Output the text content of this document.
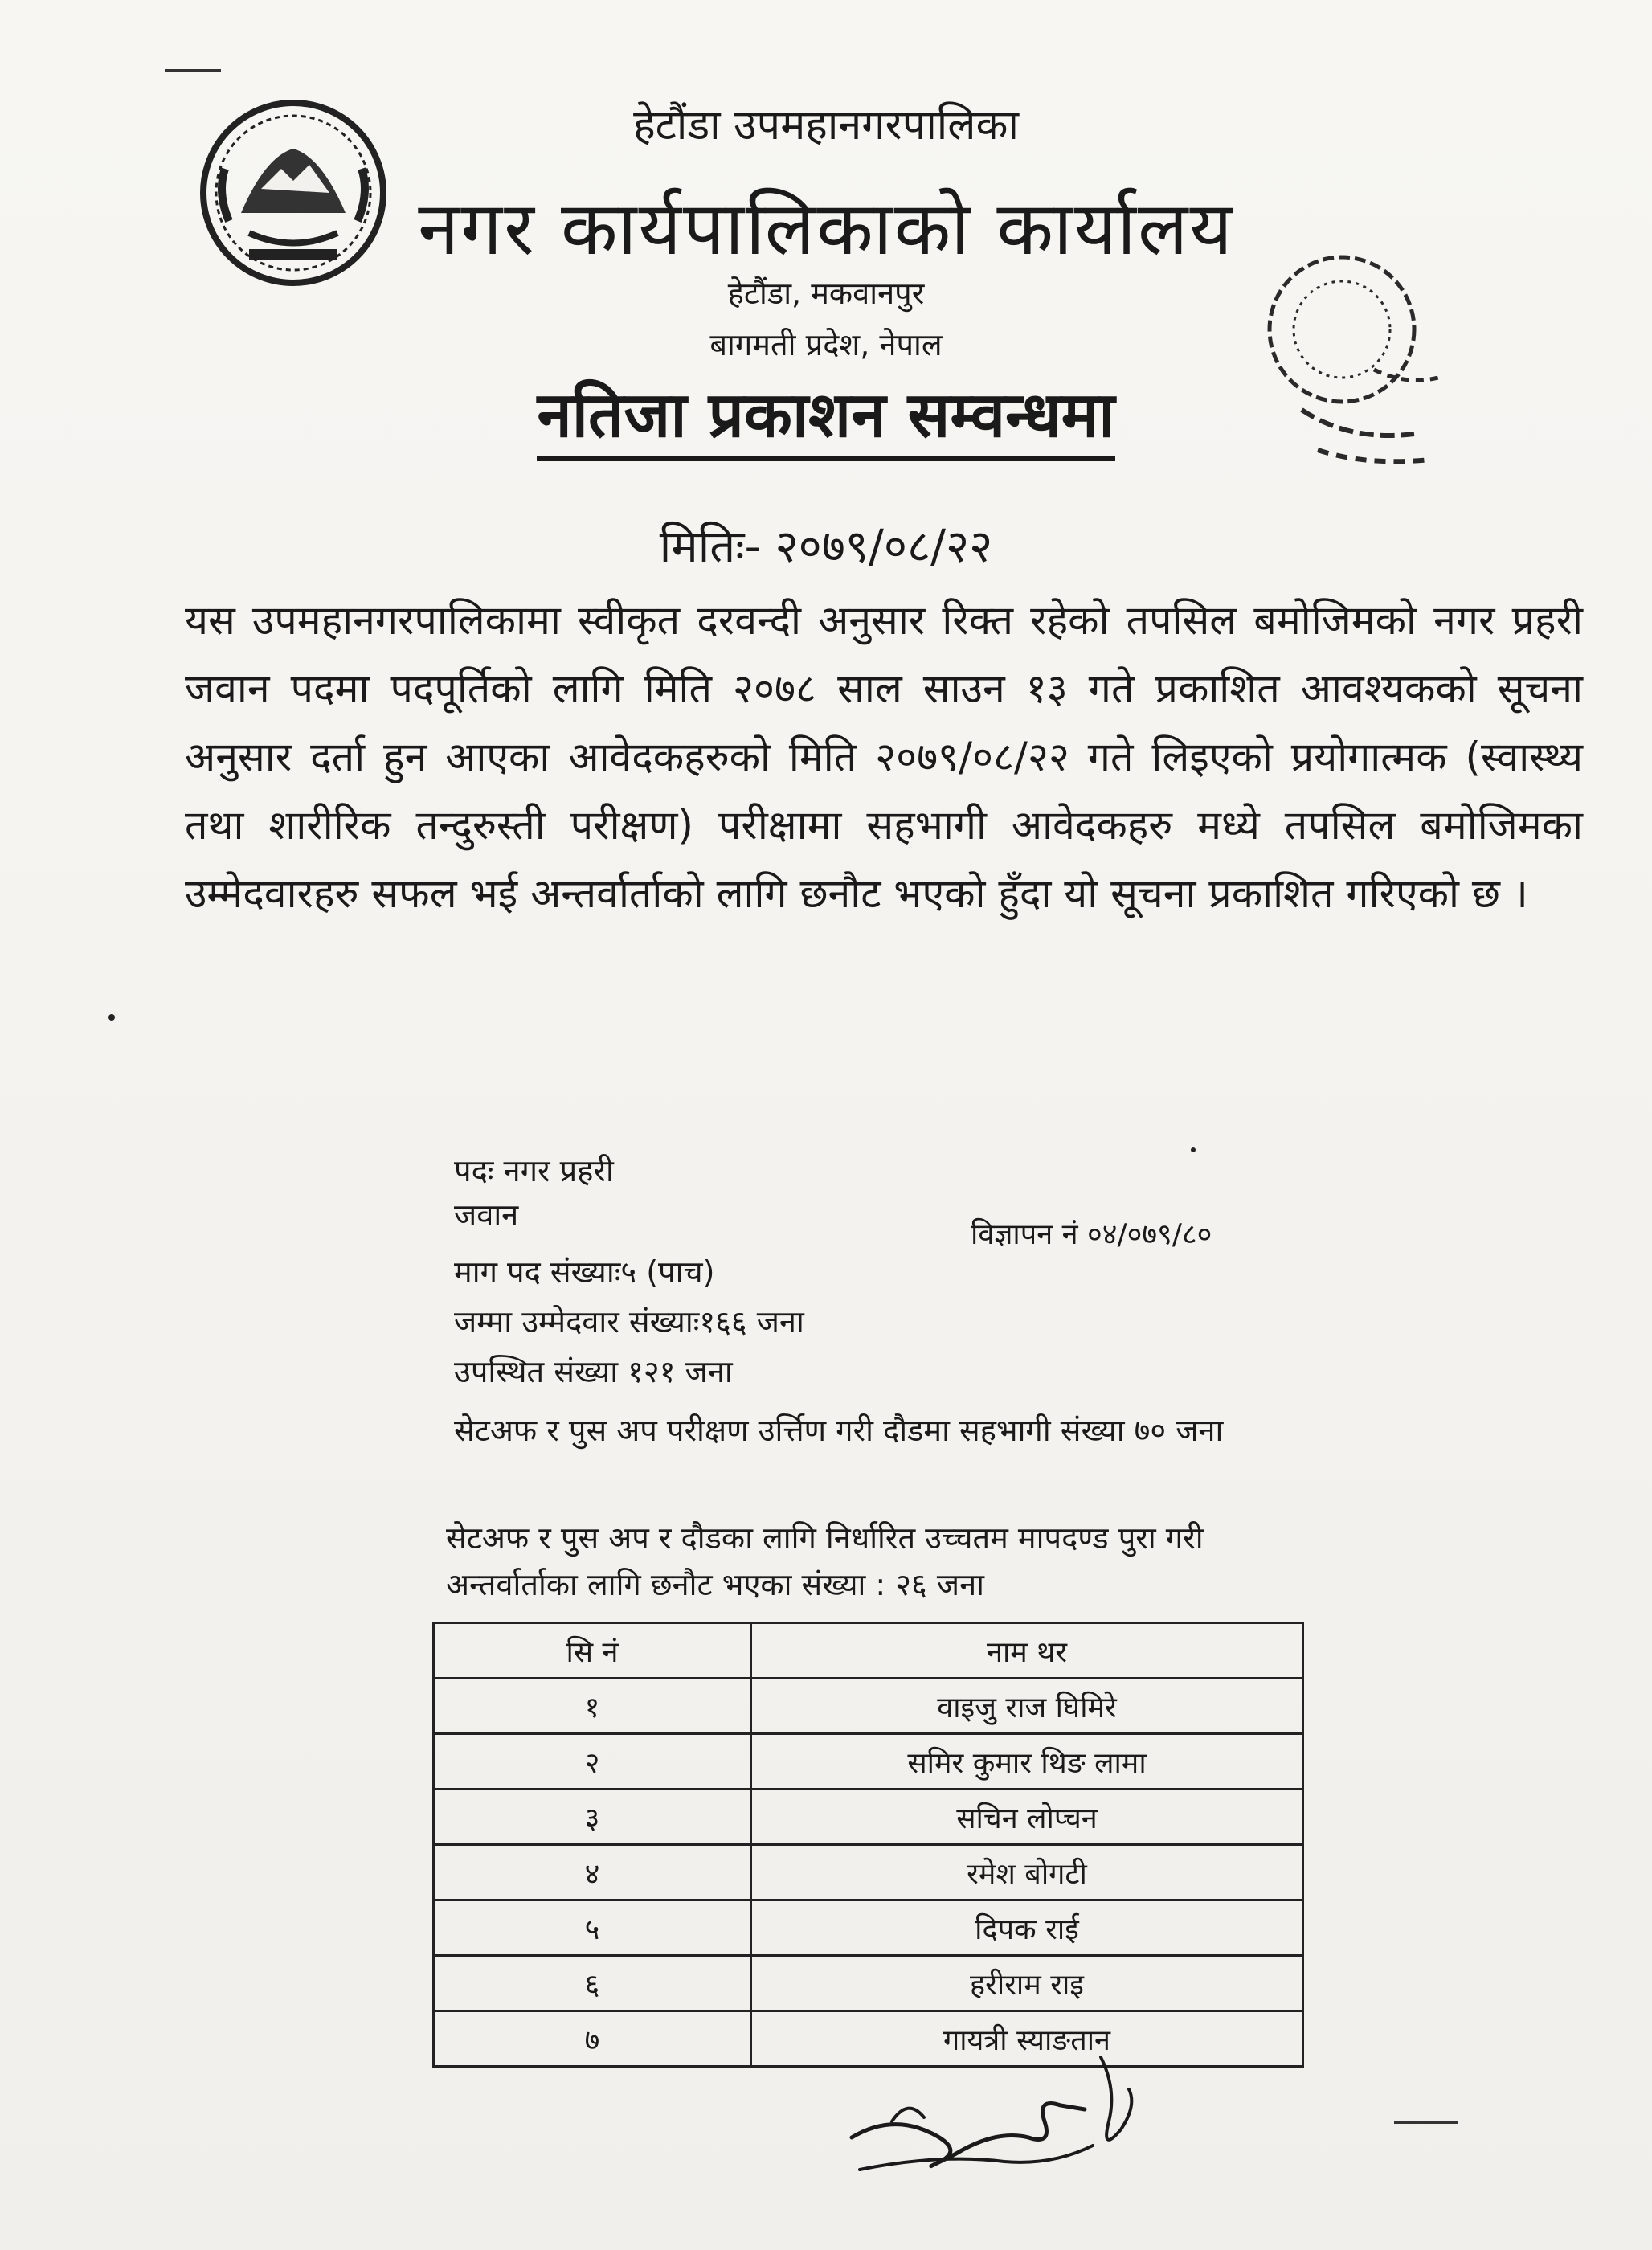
हेटौंडा उपमहानगरपालिका
नगर कार्यपालिकाको कार्यालय
हेटौंडा, मकवानपुर
बागमती प्रदेश, नेपाल
नतिजा प्रकाशन सम्वन्धमा
मितिः- २०७९/०८/२२
यस उपमहानगरपालिकामा स्वीकृत दरवन्दी अनुसार रिक्त रहेको तपसिल बमोजिमको नगर प्रहरी जवान पदमा पदपूर्तिको लागि मिति २०७८ साल साउन १३ गते प्रकाशित आवश्यकको सूचना अनुसार दर्ता हुन आएका आवेदकहरुको मिति २०७९/०८/२२ गते लिइएको प्रयोगात्मक (स्वास्थ्य तथा शारीरिक तन्दुरुस्ती परीक्षण) परीक्षामा सहभागी आवेदकहरु मध्ये तपसिल बमोजिमका उम्मेदवारहरु सफल भई अन्तर्वार्ताको लागि छनौट भएको हुँदा यो सूचना प्रकाशित गरिएको छ ।
पदः नगर प्रहरी
जवान
विज्ञापन नं ०४/०७९/८०
माग पद संख्याः५ (पाच)
जम्मा उम्मेदवार संख्याः१६६ जना
उपस्थित संख्या १२१ जना
सेटअफ र पुस अप परीक्षण उर्त्तिण गरी दौडमा सहभागी संख्या ७० जना
सेटअफ र पुस अप र दौडका लागि निर्धारित उच्चतम मापदण्ड पुरा गरी अन्तर्वार्ताका लागि छनौट भएका संख्या : २६ जना
सि नं	नाम थर
१	वाइजु राज घिमिरे
२	समिर कुमार थिङ लामा
३	सचिन लोप्चन
४	रमेश बोगटी
५	दिपक राई
६	हरीराम राइ
७	गायत्री स्याङतान
